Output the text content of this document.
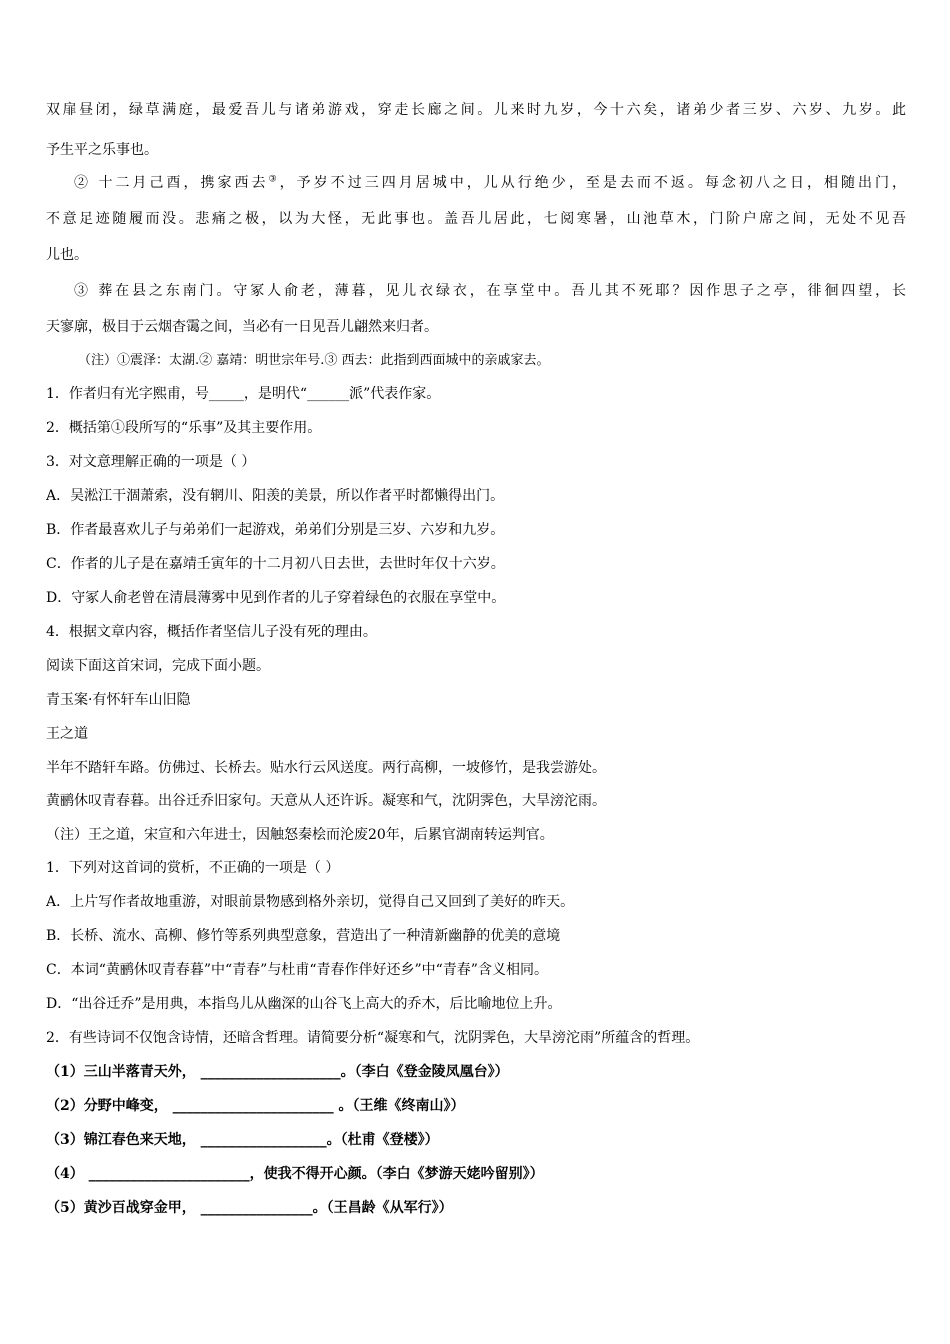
双扉昼闭，绿草满庭，最爱吾儿与诸弟游戏，穿走长廊之间。儿来时九岁，今十六矣，诸弟少者三岁、六岁、九岁。此
予生平之乐事也。
② 十二月己酉，携家西去③，予岁不过三四月居城中，儿从行绝少，至是去而不返。每念初八之日，相随出门，
不意足迹随履而没。悲痛之极，以为大怪，无此事也。盖吾儿居此，七阅寒暑，山池草木，门阶户席之间，无处不见吾
儿也。
③ 葬在县之东南门。守冢人俞老，薄暮，见儿衣绿衣，在享堂中。吾儿其不死耶？因作思子之亭，徘徊四望，长
天寥廓，极目于云烟杳霭之间，当必有一日见吾儿翩然来归者。
（注）①震泽：太湖.② 嘉靖：明世宗年号.③ 西去：此指到西面城中的亲戚家去。
1．作者归有光字熙甫，号_____，是明代“______派”代表作家。
2．概括第①段所写的“乐事”及其主要作用。
3．对文意理解正确的一项是（ ）
A．吴淞江干涸萧索，没有辋川、阳羡的美景，所以作者平时都懒得出门。
B．作者最喜欢儿子与弟弟们一起游戏，弟弟们分别是三岁、六岁和九岁。
C．作者的儿子是在嘉靖壬寅年的十二月初八日去世，去世时年仅十六岁。
D．守冢人俞老曾在清晨薄雾中见到作者的儿子穿着绿色的衣服在享堂中。
4．根据文章内容，概括作者坚信儿子没有死的理由。
阅读下面这首宋词，完成下面小题。
青玉案·有怀轩车山旧隐
王之道
半年不踏轩车路。仿佛过、长桥去。贴水行云风送度。两行高柳，一坡修竹，是我尝游处。
黄鹂休叹青春暮。出谷迁乔旧家句。天意从人还许诉。凝寒和气，沈阴霁色，大旱滂沱雨。
（注）王之道，宋宣和六年进士，因触怒秦桧而沦废20年，后累官湖南转运判官。
1．下列对这首词的赏析，不正确的一项是（ ）
A．上片写作者故地重游，对眼前景物感到格外亲切，觉得自己又回到了美好的昨天。
B．长桥、流水、高柳、修竹等系列典型意象，营造出了一种清新幽静的优美的意境
C．本词“黄鹂休叹青春暮”中“青春”与杜甫“青春作伴好还乡”中“青春”含义相同。
D．“出谷迁乔”是用典，本指鸟儿从幽深的山谷飞上高大的乔木，后比喻地位上升。
2．有些诗词不仅饱含诗情，还暗含哲理。请简要分析“凝寒和气，沈阴霁色，大旱滂沱雨”所蕴含的哲理。
（1）三山半落青天外， ____________________。（李白《登金陵凤凰台》）
（2）分野中峰变， _______________________ 。（王维《终南山》）
（3）锦江春色来天地， __________________。（杜甫《登楼》）
（4） _______________________，使我不得开心颜。（李白《梦游天姥吟留别》）
（5）黄沙百战穿金甲， ________________。（王昌龄《从军行》）
